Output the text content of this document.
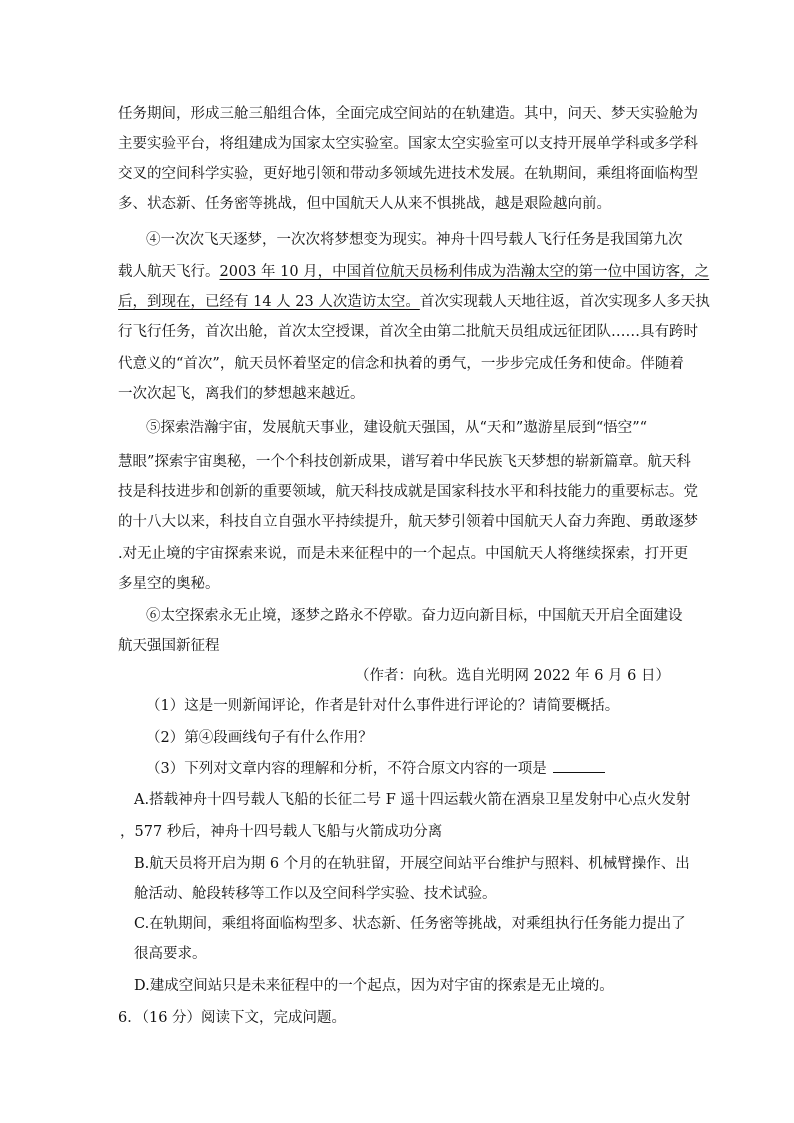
任务期间，形成三舱三船组合体，全面完成空间站的在轨建造。其中，问天、梦天实验舱为
主要实验平台，将组建成为国家太空实验室。国家太空实验室可以支持开展单学科或多学科
交叉的空间科学实验，更好地引领和带动多领域先进技术发展。在轨期间，乘组将面临构型
多、状态新、任务密等挑战，但中国航天人从来不惧挑战，越是艰险越向前。
④一次次飞天逐梦，一次次将梦想变为现实。神舟十四号载人飞行任务是我国第九次
载人航天飞行。2003 年 10 月，中国首位航天员杨利伟成为浩瀚太空的第一位中国访客，之
后，到现在，已经有 14 人 23 人次造访太空。首次实现载人天地往返，首次实现多人多天执
行飞行任务，首次出舱，首次太空授课，首次全由第二批航天员组成远征团队……具有跨时
代意义的“首次”，航天员怀着坚定的信念和执着的勇气，一步步完成任务和使命。伴随着
一次次起飞，离我们的梦想越来越近。
⑤探索浩瀚宇宙，发展航天事业，建设航天强国，从“天和”遨游星辰到“悟空”“
慧眼”探索宇宙奥秘，一个个科技创新成果，谱写着中华民族飞天梦想的崭新篇章。航天科
技是科技进步和创新的重要领域，航天科技成就是国家科技水平和科技能力的重要标志。党
的十八大以来，科技自立自强水平持续提升，航天梦引领着中国航天人奋力奔跑、勇敢逐梦
.对无止境的宇宙探索来说，而是未来征程中的一个起点。中国航天人将继续探索，打开更
多星空的奥秘。
⑥太空探索永无止境，逐梦之路永不停歇。奋力迈向新目标，中国航天开启全面建设
航天强国新征程
（作者：向秋。选自光明网 2022 年 6 月 6 日）
（1）这是一则新闻评论，作者是针对什么事件进行评论的？请简要概括。
（2）第④段画线句子有什么作用？
（3）下列对文章内容的理解和分析，不符合原文内容的一项是
A.搭载神舟十四号载人飞船的长征二号 F 遥十四运载火箭在酒泉卫星发射中心点火发射
，577 秒后，神舟十四号载人飞船与火箭成功分离
B.航天员将开启为期 6 个月的在轨驻留，开展空间站平台维护与照料、机械臂操作、出
舱活动、舱段转移等工作以及空间科学实验、技术试验。
C.在轨期间，乘组将面临构型多、状态新、任务密等挑战，对乘组执行任务能力提出了
很高要求。
D.建成空间站只是未来征程中的一个起点，因为对宇宙的探索是无止境的。
6．（16 分）阅读下文，完成问题。
